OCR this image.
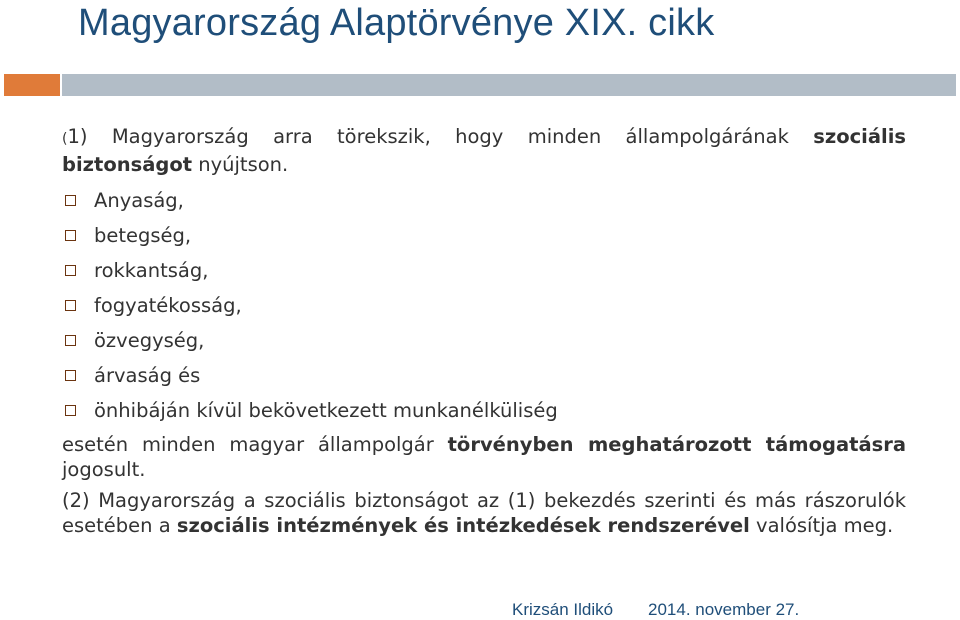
Magyarország Alaptörvénye XIX. cikk

(1) Magyarország arra törekszik, hogy minden állampolgárának szociális biztonságot nyújtson.

Anyaság,
betegség,
rokkantság,
fogyatékosság,
özvegység,
árvaság és
önhibáján kívül bekövetkezett munkanélküliség

esetén minden magyar állampolgár törvényben meghatározott támogatásra jogosult.

(2) Magyarország a szociális biztonságot az (1) bekezdés szerinti és más rászorulók esetében a szociális intézmények és intézkedések rendszerével valósítja meg.

Krizsán Ildikó 2014. november 27.
